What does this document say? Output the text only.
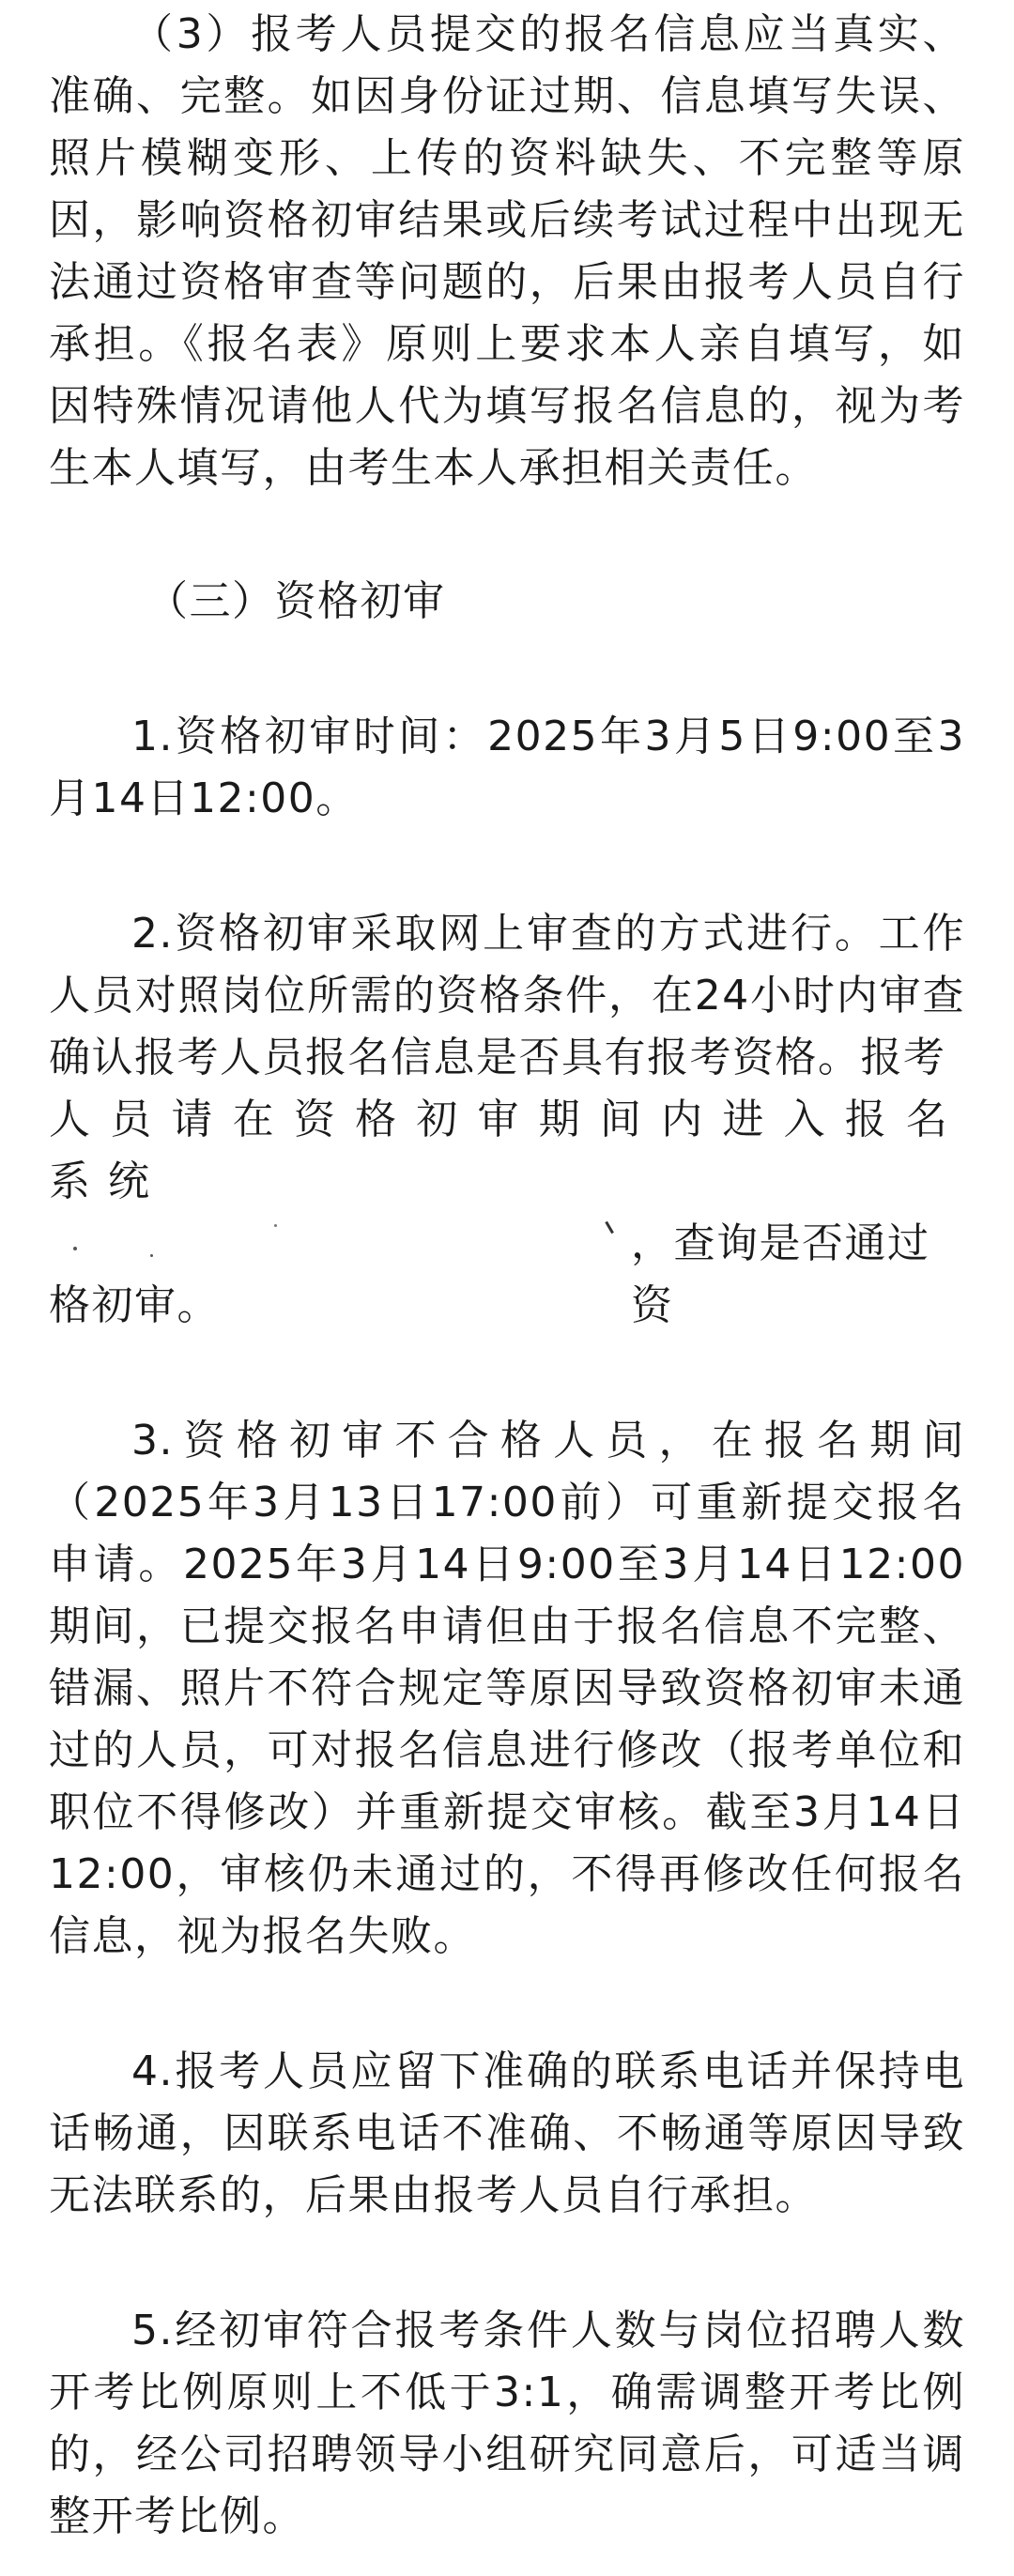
（3）报考人员提交的报名信息应当真实、准确、完整。如因身份证过期、信息填写失误、照片模糊变形、上传的资料缺失、不完整等原因，影响资格初审结果或后续考试过程中出现无法通过资格审查等问题的，后果由报考人员自行承担。《报名表》原则上要求本人亲自填写，如因特殊情况请他人代为填写报名信息的，视为考生本人填写，由考生本人承担相关责任。

（三）资格初审

1.资格初审时间：2025年3月5日9:00至3月14日12:00。

2.资格初审采取网上审查的方式进行。工作人员对照岗位所需的资格条件，在24小时内审查确认报考人员报名信息是否具有报考资格。报考

人员请在资格初审期间内进入报名系统

，查询是否通过资

格初审。

3.资格初审不合格人员，在报名期间（2025年3月13日17:00前）可重新提交报名申请。2025年3月14日9:00至3月14日12:00期间，已提交报名申请但由于报名信息不完整、错漏、照片不符合规定等原因导致资格初审未通过的人员，可对报名信息进行修改（报考单位和职位不得修改）并重新提交审核。截至3月14日12:00，审核仍未通过的，不得再修改任何报名信息，视为报名失败。

4.报考人员应留下准确的联系电话并保持电话畅通，因联系电话不准确、不畅通等原因导致无法联系的，后果由报考人员自行承担。

5.经初审符合报考条件人数与岗位招聘人数开考比例原则上不低于3:1，确需调整开考比例的，经公司招聘领导小组研究同意后，可适当调整开考比例。
